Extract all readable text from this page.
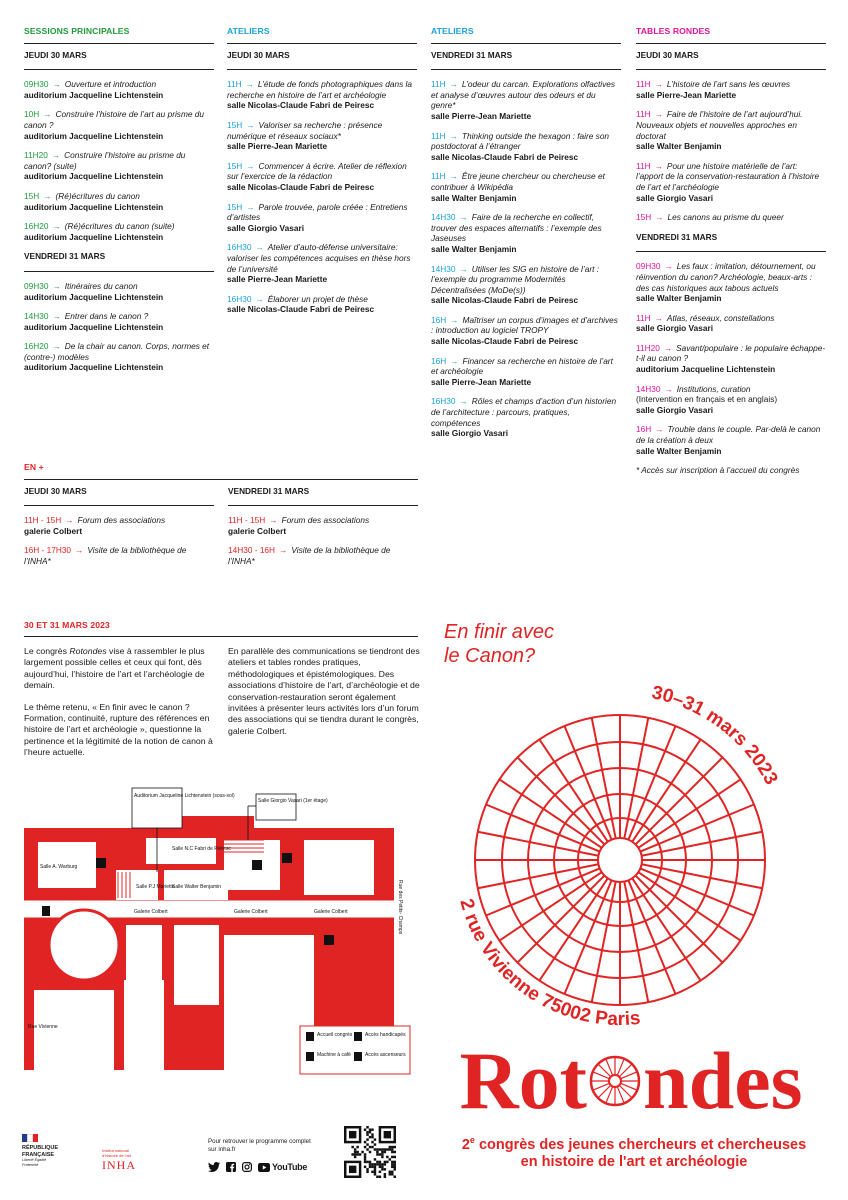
SESSIONS PRINCIPALES
JEUDI 30 MARS
09H30 → Ouverture et introduction
auditorium Jacqueline Lichtenstein
10H → Construire l’histoire de l’art au prisme du canon ?
auditorium Jacqueline Lichtenstein
11H20 → Construire l’histoire au prisme du canon? (suite)
auditorium Jacqueline Lichtenstein
15H → (Ré)écritures du canon
auditorium Jacqueline Lichtenstein
16H20 → (Ré)écritures du canon (suite)
auditorium Jacqueline Lichtenstein
VENDREDI 31 MARS
09H30 → Itinéraires du canon
auditorium Jacqueline Lichtenstein
14H30 → Entrer dans le canon ?
auditorium Jacqueline Lichtenstein
16H20 → De la chair au canon. Corps, normes et (contre-) modèles
auditorium Jacqueline Lichtenstein
ATELIERS
JEUDI 30 MARS
11H → L’étude de fonds photographiques dans la recherche en histoire de l’art et archéologie
salle Nicolas-Claude Fabri de Peiresc
15H → Valoriser sa recherche : présence numérique et réseaux sociaux*
salle Pierre-Jean Mariette
15H → Commencer à écrire. Atelier de réflexion sur l’exercice de la rédaction
salle Nicolas-Claude Fabri de Peiresc
15H → Parole trouvée, parole créée : Entretiens d’artistes
salle Giorgio Vasari
16H30 → Atelier d’auto-défense universitaire: valoriser les compétences acquises en thèse hors de l’université
salle Pierre-Jean Mariette
16H30 → Élaborer un projet de thèse
salle Nicolas-Claude Fabri de Peiresc
ATELIERS
VENDREDI 31 MARS
11H → L’odeur du carcan. Explorations olfactives et analyse d’œuvres autour des odeurs et du genre*
salle Pierre-Jean Mariette
11H → Thinking outside the hexagon : faire son postdoctorat à l’étranger
salle Nicolas-Claude Fabri de Peiresc
11H → Être jeune chercheur ou chercheuse et contribuer à Wikipédia
salle Walter Benjamin
14H30 → Faire de la recherche en collectif, trouver des espaces alternatifs : l’exemple des Jaseuses
salle Walter Benjamin
14H30 → Utiliser les SIG en histoire de l’art : l’exemple du programme Modernités Décentralisées (MoDe(s))
salle Nicolas-Claude Fabri de Peiresc
16H → Maîtriser un corpus d’images et d’archives : introduction au logiciel TROPY
salle Nicolas-Claude Fabri de Peiresc
16H → Financer sa recherche en histoire de l’art et archéologie
salle Pierre-Jean Mariette
16H30 → Rôles et champs d’action d’un historien de l’architecture : parcours, pratiques, compétences
salle Giorgio Vasari
TABLES RONDES
JEUDI 30 MARS
11H → L’histoire de l’art sans les œuvres
salle Pierre-Jean Mariette
11H → Faire de l’histoire de l’art aujourd’hui. Nouveaux objets et nouvelles approches en doctorat
salle Walter Benjamin
11H → Pour une histoire matérielle de l’art: l’apport de la conservation-restauration à l’histoire de l’art et l’archéologie
salle Giorgio Vasari
15H → Les canons au prisme du queer
VENDREDI 31 MARS
09H30 → Les faux : imitation, détournement, ou réinvention du canon? Archéologie, beaux-arts : des cas historiques aux tabous actuels
salle Walter Benjamin
11H → Atlas, réseaux, constellations
salle Giorgio Vasari
11H20 → Savant/populaire : le populaire échappe-t-il au canon ?
auditorium Jacqueline Lichtenstein
14H30 → Institutions, curation
(Intervention en français et en anglais)
salle Giorgio Vasari
16H → Trouble dans le couple. Par-delà le canon de la création à deux
salle Walter Benjamin
* Accès sur inscription à l’accueil du congrès
EN +
JEUDI 30 MARS
11H - 15H → Forum des associations
galerie Colbert
16H - 17H30 → Visite de la bibliothèque de l’INHA*
VENDREDI 31 MARS
11H - 15H → Forum des associations
galerie Colbert
14H30 - 16H → Visite de la bibliothèque de l’INHA*
30 ET 31 MARS 2023

Le congrès Rotondes vise à rassembler le plus largement possible celles et ceux qui font, dès aujourd’hui, l’histoire de l’art et l’archéologie de demain.

Le thème retenu, « En finir avec le canon ? Formation, continuité, rupture des références en histoire de l’art et archéologie », questionne la pertinence et la légitimité de la notion de canon à l’heure actuelle.

En parallèle des communications se tiendront des ateliers et tables rondes pratiques, méthodologiques et épistémologiques. Des associations d’histoire de l’art, d’archéologie et de conservation-restauration seront également invitées à présenter leurs activités lors d’un forum des associations qui se tiendra durant le congrès, galerie Colbert.

Auditorium Jacqueline Lichtenstein (sous-sol)
Salle Giorgio Vasari (1er étage)
Salle N.C Fabri de Peiresc
Salle A. Warburg
Salle P.J Mariette
Salle Walter Benjamin
Galerie Colbert	Galerie Colbert	Galerie Colbert
Rue Vivienne
Rue des Petits- Champs
Accueil congrès	Accès handicapés
Machine à café	Accès ascenseurs
En finir avec
le Canon?
30–31 mars 2023
2 rue Vivienne 75002 Paris
Rot ndes
2e congrès des jeunes chercheurs et chercheuses
en histoire de l'art et archéologie
RÉPUBLIQUE
FRANÇAISE
Liberté Égalité Fraternité
Institut national d’histoire de l’art
INHA
Pour retrouver le programme complet
sur inha.fr
YouTube
